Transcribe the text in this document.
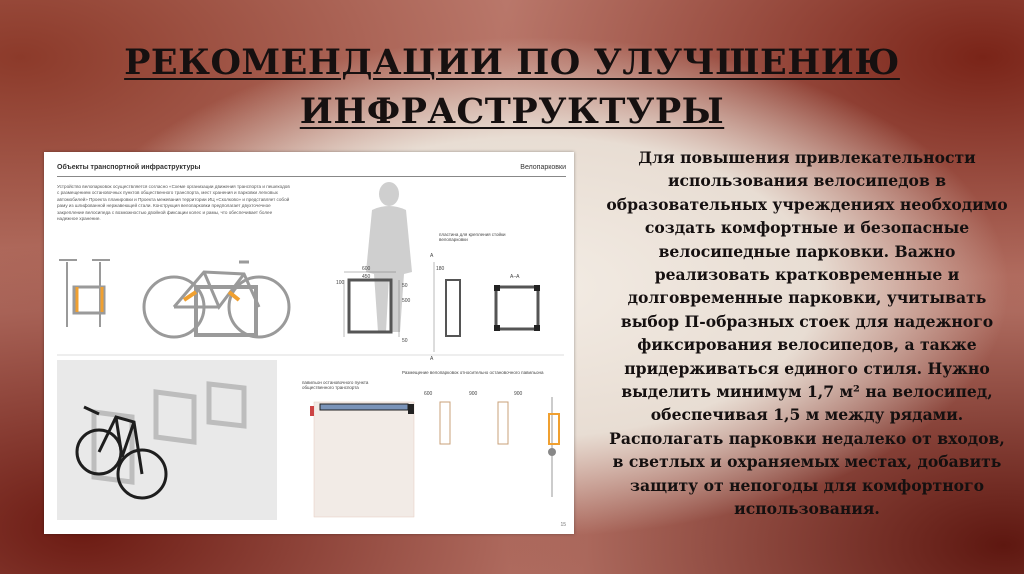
РЕКОМЕНДАЦИИ ПО УЛУЧШЕНИЮ
ИНФРАСТРУКТУРЫ
Объекты транспортной инфраструктуры	Велопарковки
Устройство велопарковок осуществляется согласно «Схеме организации движения транспорта и пешеходов с размещением остановочных пунктов общественного транспорта, мест хранения и парковки легковых автомобилей» Проекта планировки и Проекта межевания территории ИЦ «Сколково» и представляет собой раму из шлифованной нержавеющей стали. Конструкция велопарковки предполагает двухточечное закрепление велосипеда с возможностью двойной фиксации колес и рамы, что обеспечивает более надежное хранение.
600
450
100
500
50
50
А
А
180
А–А
600	900	900
пластина для крепления стойки велопарковки
Размещение велопарковок относительно остановочного павильона
павильон остановочного пункта общественного транспорта
15
Для повышения привлекательности использования велосипедов в образовательных учреждениях необходимо создать комфортные и безопасные велосипедные парковки. Важно реализовать кратковременные и долговременные парковки, учитывать выбор П-образных стоек для надежного фиксирования велосипедов, а также придерживаться единого стиля. Нужно выделить минимум 1,7 м² на велосипед, обеспечивая 1,5 м между рядами. Располагать парковки недалеко от входов, в светлых и охраняемых местах, добавить защиту от непогоды для комфортного использования.
